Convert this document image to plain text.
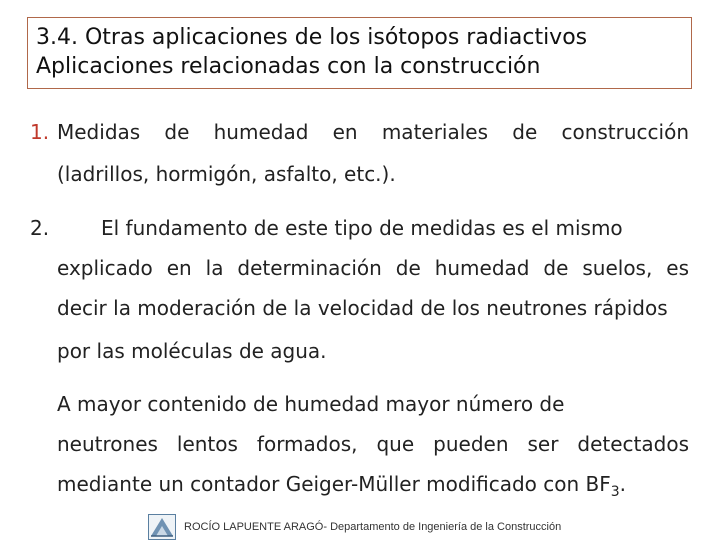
3.4. Otras aplicaciones de los isótopos radiactivos
Aplicaciones relacionadas con la construcción
1. Medidas de humedad en materiales de construcción
(ladrillos, hormigón, asfalto, etc.).
2.	El fundamento de este tipo de medidas es el mismo
explicado en la determinación de humedad de suelos, es
decir la moderación de la velocidad de los neutrones rápidos
por las moléculas de agua.
A mayor contenido de humedad mayor número de
neutrones lentos formados, que pueden ser detectados
mediante un contador Geiger-Müller modificado con $BF_3$.
ROCÍO LAPUENTE ARAGÓ- Departamento de Ingeniería de la Construcción
